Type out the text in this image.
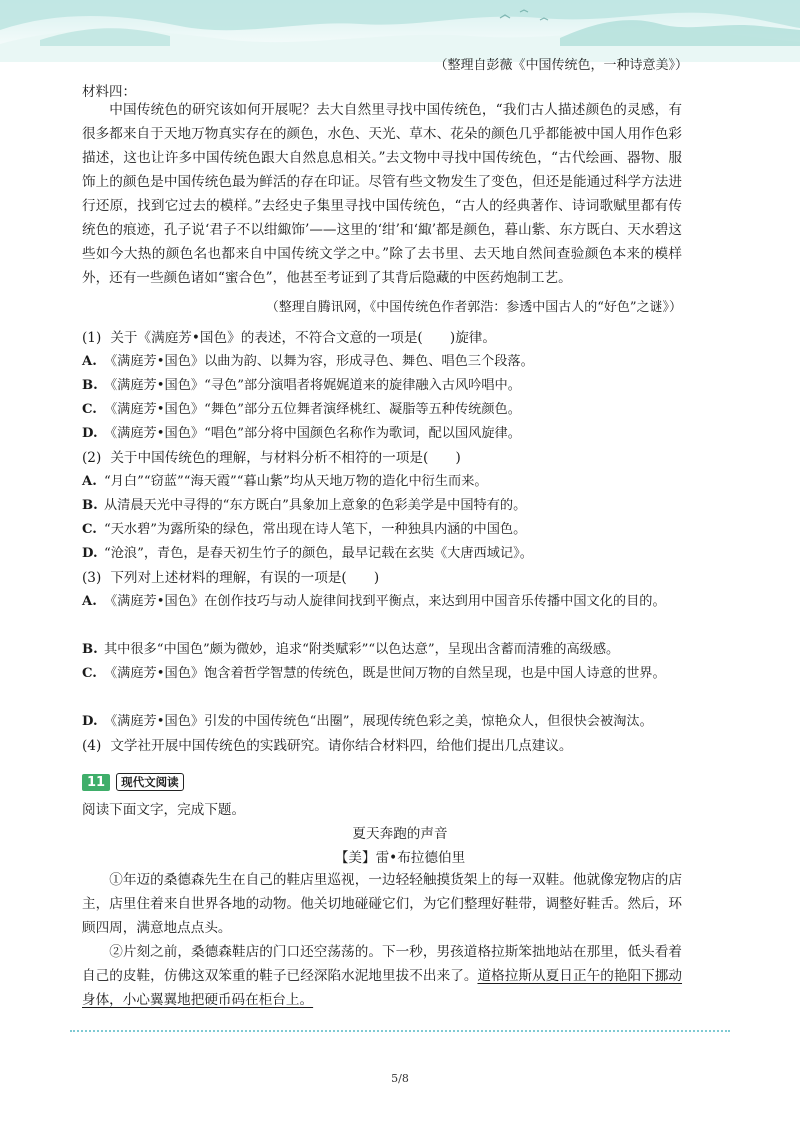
（整理自彭薇《中国传统色，一种诗意美》）
材料四：

中国传统色的研究该如何开展呢？去大自然里寻找中国传统色，“我们古人描述颜色的灵感，有很多都来自于天地万物真实存在的颜色，水色、天光、草木、花朵的颜色几乎都能被中国人用作色彩描述，这也让许多中国传统色跟大自然息息相关。”去文物中寻找中国传统色，“古代绘画、器物、服饰上的颜色是中国传统色最为鲜活的存在印证。尽管有些文物发生了变色，但还是能通过科学方法进行还原，找到它过去的模样。”去经史子集里寻找中国传统色，“古人的经典著作、诗词歌赋里都有传统色的痕迹，孔子说‘君子不以绀緅饰’——这里的‘绀’和‘緅’都是颜色，暮山紫、东方既白、天水碧这些如今大热的颜色名也都来自中国传统文学之中。”除了去书里、去天地自然间查验颜色本来的模样外，还有一些颜色诸如“蜜合色”，他甚至考证到了其背后隐藏的中医药炮制工艺。

（整理自腾讯网，《中国传统色作者郭浩：参透中国古人的“好色”之谜》）
(1) 关于《满庭芳•国色》的表述，不符合文意的一项是(　　)旋律。
A. 《满庭芳•国色》以曲为韵、以舞为容，形成寻色、舞色、唱色三个段落。
B. 《满庭芳•国色》“寻色”部分演唱者将娓娓道来的旋律融入古风吟唱中。
C. 《满庭芳•国色》“舞色”部分五位舞者演绎桃红、凝脂等五种传统颜色。
D. 《满庭芳•国色》“唱色”部分将中国颜色名称作为歌词，配以国风旋律。
(2) 关于中国传统色的理解，与材料分析不相符的一项是(　　)
A. “月白”“窃蓝”“海天霞”“暮山紫”均从天地万物的造化中衍生而来。
B. 从清晨天光中寻得的“东方既白”具象加上意象的色彩美学是中国特有的。
C. “天水碧”为露所染的绿色，常出现在诗人笔下，一种独具内涵的中国色。
D. “沧浪”，青色，是春天初生竹子的颜色，最早记载在玄奘《大唐西域记》。
(3) 下列对上述材料的理解，有误的一项是(　　)
A. 《满庭芳•国色》在创作技巧与动人旋律间找到平衡点，来达到用中国音乐传播中国文化的目的。
B. 其中很多“中国色”颇为微妙，追求“附类赋彩”“以色达意”，呈现出含蓄而清雅的高级感。
C. 《满庭芳•国色》饱含着哲学智慧的传统色，既是世间万物的自然呈现，也是中国人诗意的世界。
D. 《满庭芳•国色》引发的中国传统色“出圈”，展现传统色彩之美，惊艳众人，但很快会被淘汰。
(4) 文学社开展中国传统色的实践研究。请你结合材料四，给他们提出几点建议。
11	现代文阅读
阅读下面文字，完成下题。
夏天奔跑的声音
【美】雷•布拉德伯里

①年迈的桑德森先生在自己的鞋店里巡视，一边轻轻触摸货架上的每一双鞋。他就像宠物店的店主，店里住着来自世界各地的动物。他关切地碰碰它们，为它们整理好鞋带，调整好鞋舌。然后，环顾四周，满意地点点头。

②片刻之前，桑德森鞋店的门口还空荡荡的。下一秒，男孩道格拉斯笨拙地站在那里，低头看着自己的皮鞋，仿佛这双笨重的鞋子已经深陷水泥地里拔不出来了。道格拉斯从夏日正午的艳阳下挪动身体，小心翼翼地把硬币码在柜台上。

5/8
